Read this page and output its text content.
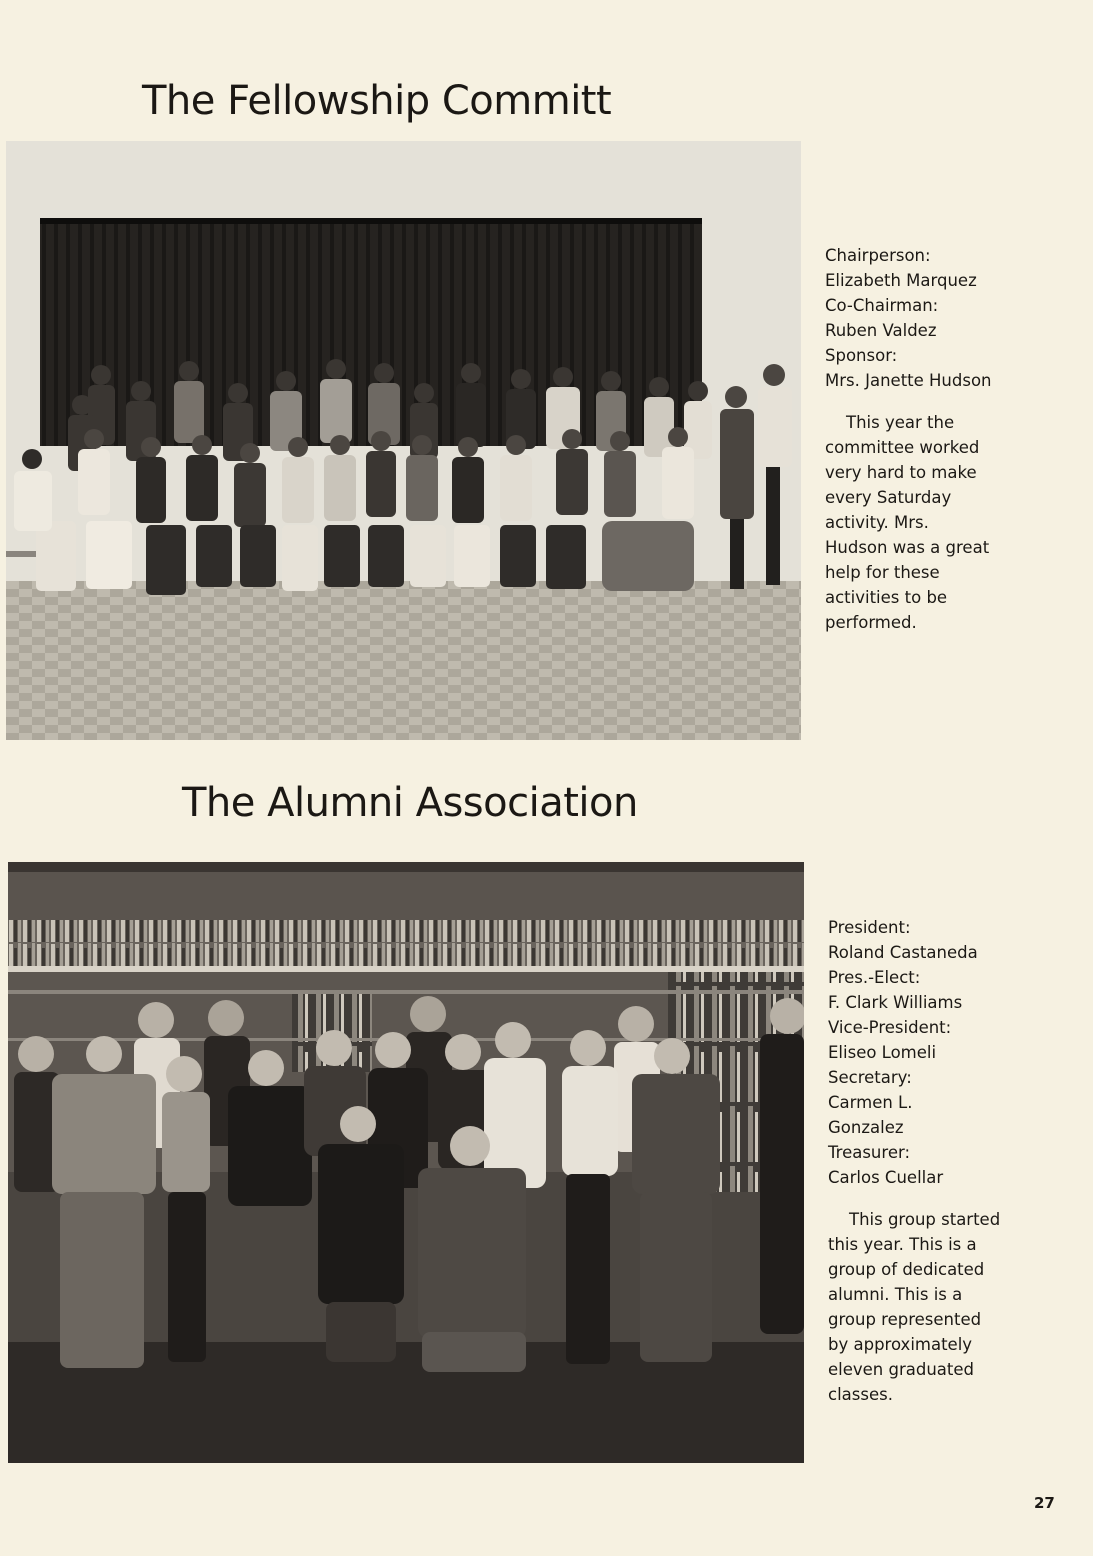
The Fellowship Committ
Chairperson:
Elizabeth Marquez
Co-Chairman:
Ruben Valdez
Sponsor:
Mrs. Janette Hudson
This year the
committee worked
very hard to make
every Saturday
activity. Mrs.
Hudson was a great
help for these
activities to be
performed.
The Alumni Association
President:
Roland Castaneda
Pres.-Elect:
F. Clark Williams
Vice-President:
Eliseo Lomeli
Secretary:
Carmen L.
Gonzalez
Treasurer:
Carlos Cuellar
This group started
this year. This is a
group of dedicated
alumni. This is a
group represented
by approximately
eleven graduated
classes.
27
